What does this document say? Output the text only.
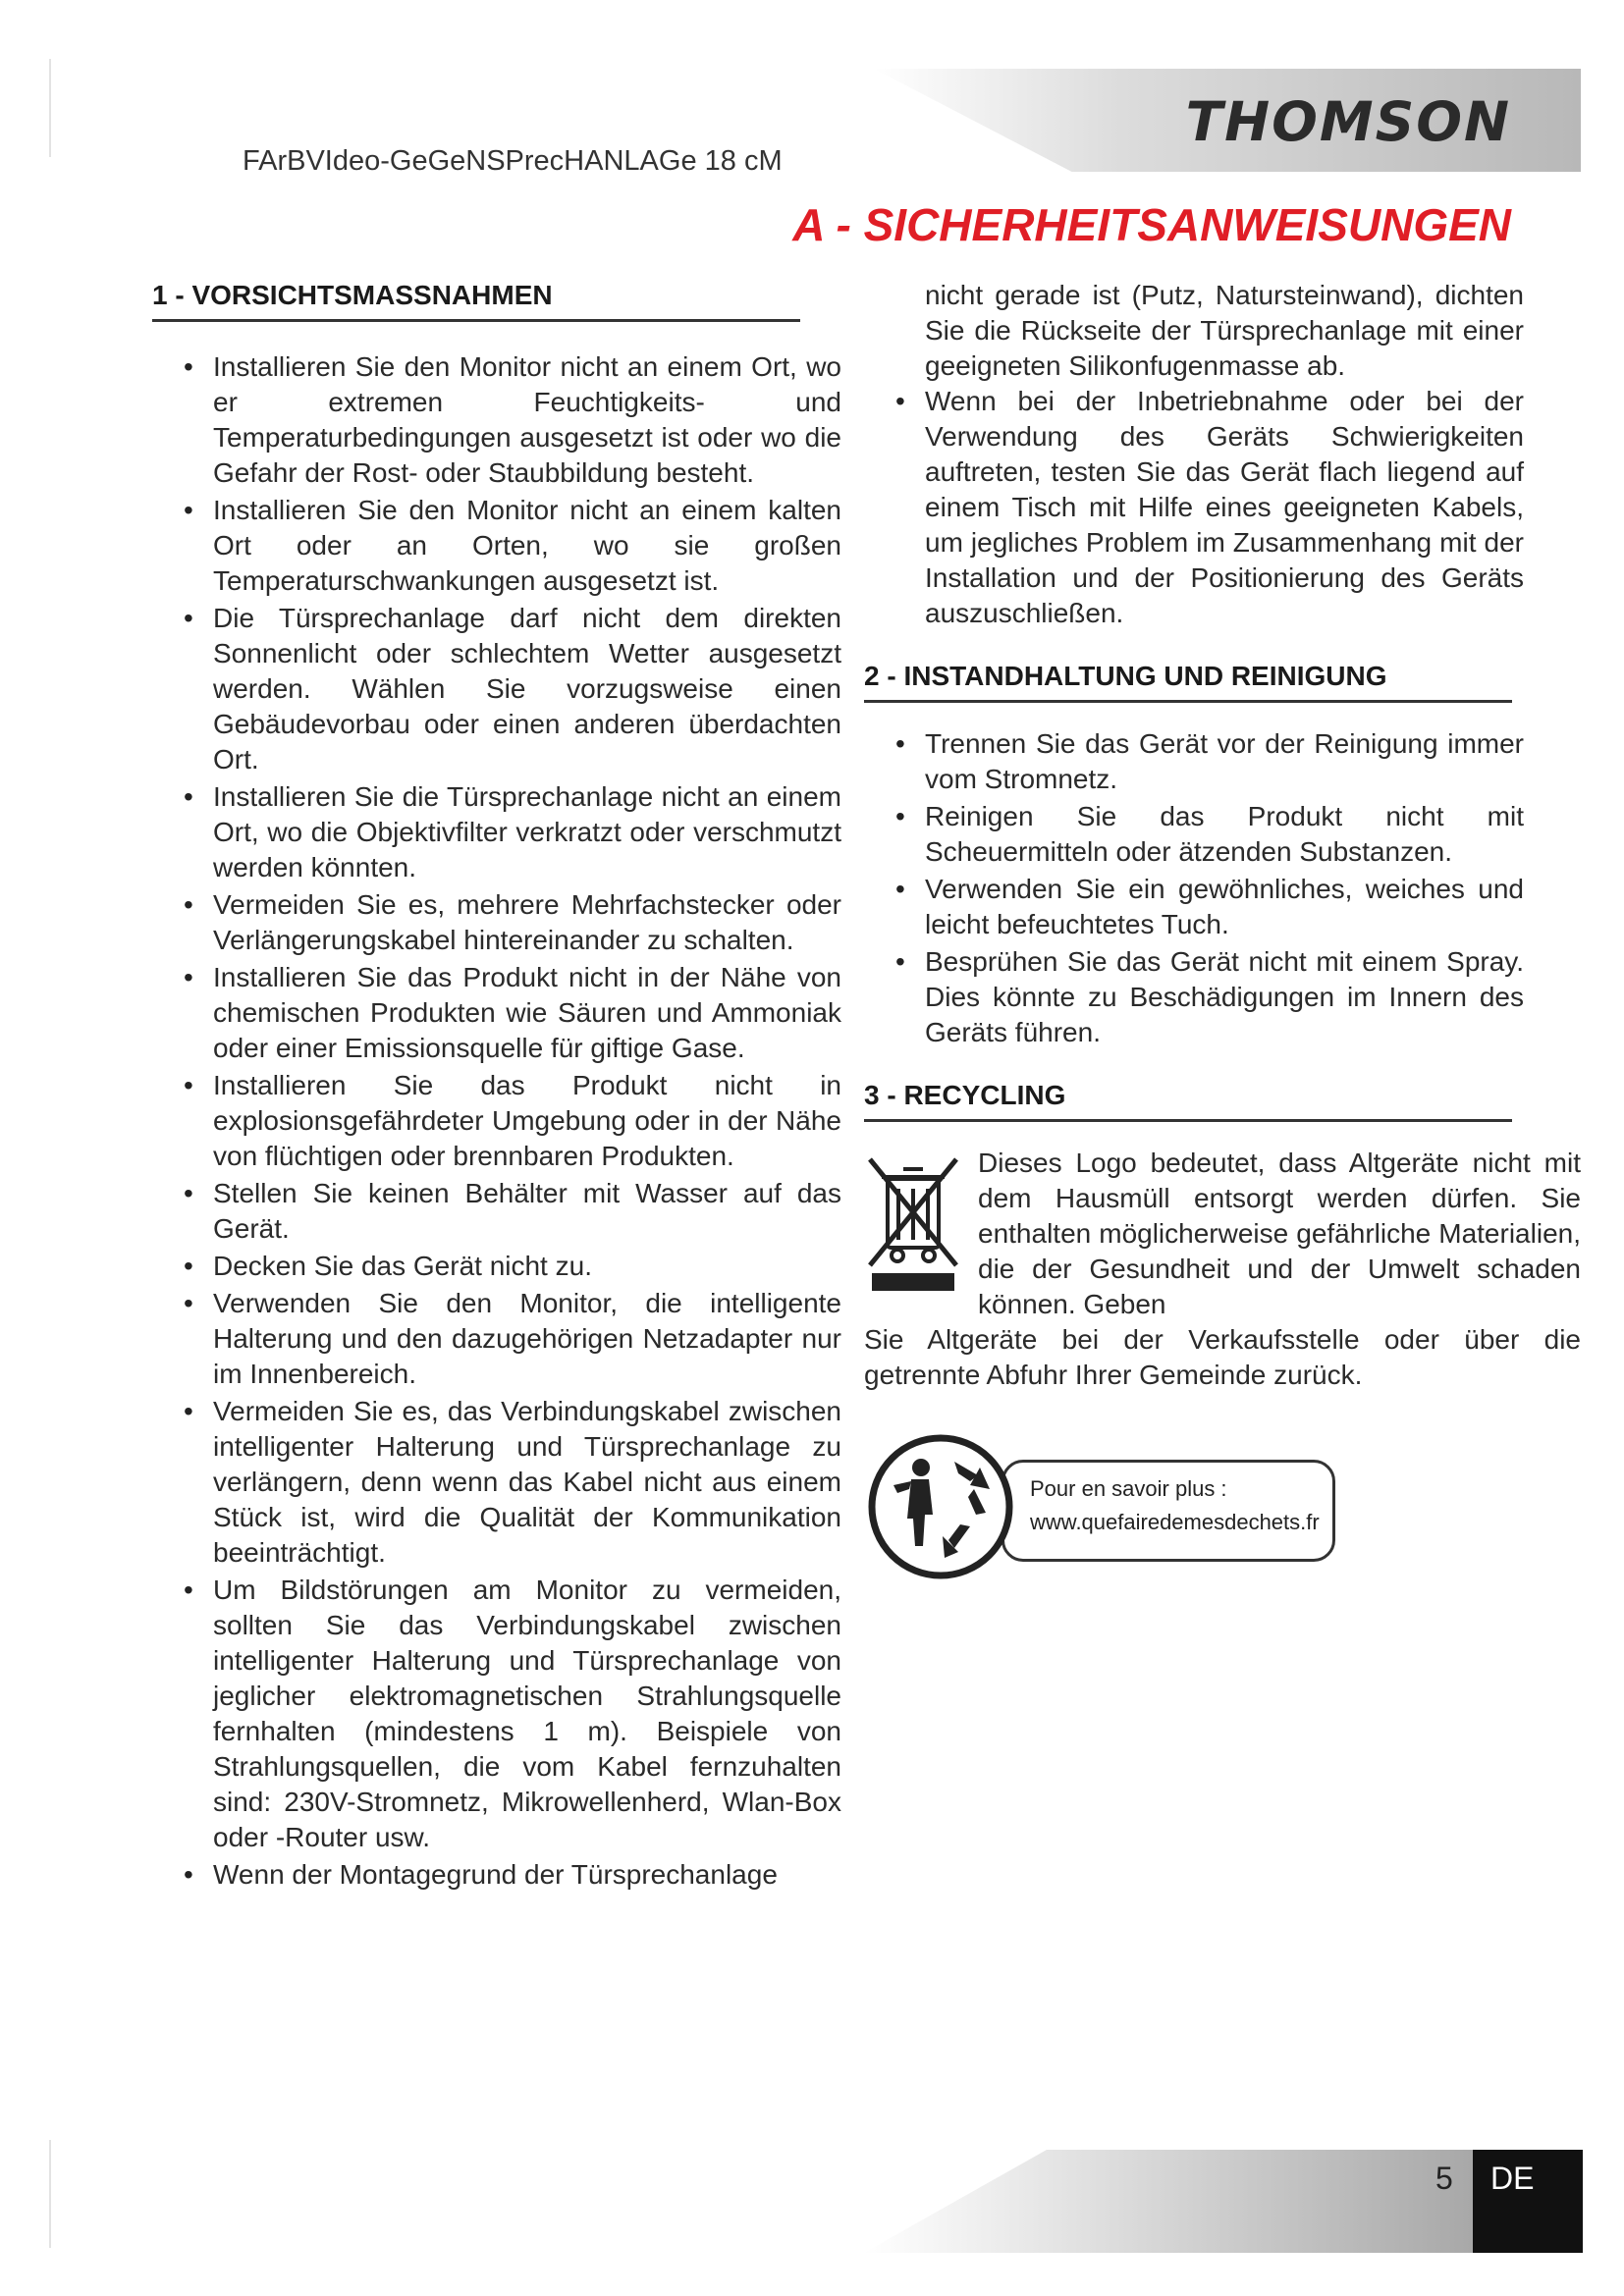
THOMSON
FArBVIdeo-GeGeNSPrecHANLAGe 18 cM
A - SICHERHEITSANWEISUNGEN
1 - VORSICHTSMASSNAHMEN
• Installieren Sie den Monitor nicht an einem Ort, wo er extremen Feuchtigkeits- und Temperaturbedingungen ausgesetzt ist oder wo die Gefahr der Rost- oder Staubbildung besteht.
• Installieren Sie den Monitor nicht an einem kalten Ort oder an Orten, wo sie großen Temperaturschwankungen ausgesetzt ist.
• Die Türsprechanlage darf nicht dem direkten Sonnenlicht oder schlechtem Wetter ausgesetzt werden. Wählen Sie vorzugsweise einen Gebäudevorbau oder einen anderen überdachten Ort.
• Installieren Sie die Türsprechanlage nicht an einem Ort, wo die Objektivfilter verkratzt oder verschmutzt werden könnten.
• Vermeiden Sie es, mehrere Mehrfachstecker oder Verlängerungskabel hintereinander zu schalten.
• Installieren Sie das Produkt nicht in der Nähe von chemischen Produkten wie Säuren und Ammoniak oder einer Emissionsquelle für giftige Gase.
• Installieren Sie das Produkt nicht in explosionsgefährdeter Umgebung oder in der Nähe von flüchtigen oder brennbaren Produkten.
• Stellen Sie keinen Behälter mit Wasser auf das Gerät.
• Decken Sie das Gerät nicht zu.
• Verwenden Sie den Monitor, die intelligente Halterung und den dazugehörigen Netzadapter nur im Innenbereich.
• Vermeiden Sie es, das Verbindungskabel zwischen intelligenter Halterung und Türsprechanlage zu verlängern, denn wenn das Kabel nicht aus einem Stück ist, wird die Qualität der Kommunikation beeinträchtigt.
• Um Bildstörungen am Monitor zu vermeiden, sollten Sie das Verbindungskabel zwischen intelligenter Halterung und Türsprechanlage von jeglicher elektromagnetischen Strahlungsquelle fernhalten (mindestens 1 m). Beispiele von Strahlungsquellen, die vom Kabel fernzuhalten sind: 230V-Stromnetz, Mikrowellenherd, Wlan-Box oder -Router usw.
• Wenn der Montagegrund der Türsprechanlage
nicht gerade ist (Putz, Natursteinwand), dichten Sie die Rückseite der Türsprechanlage mit einer geeigneten Silikonfugenmasse ab.
• Wenn bei der Inbetriebnahme oder bei der Verwendung des Geräts Schwierigkeiten auftreten, testen Sie das Gerät flach liegend auf einem Tisch mit Hilfe eines geeigneten Kabels, um jegliches Problem im Zusammenhang mit der Installation und der Positionierung des Geräts auszuschließen.
2 - INSTANDHALTUNG UND REINIGUNG
• Trennen Sie das Gerät vor der Reinigung immer vom Stromnetz.
• Reinigen Sie das Produkt nicht mit Scheuermitteln oder ätzenden Substanzen.
• Verwenden Sie ein gewöhnliches, weiches und leicht befeuchtetes Tuch.
• Besprühen Sie das Gerät nicht mit einem Spray. Dies könnte zu Beschädigungen im Innern des Geräts führen.
3 - RECYCLING
Dieses Logo bedeutet, dass Altgeräte nicht mit dem Hausmüll entsorgt werden dürfen. Sie enthalten möglicherweise gefährliche Materialien, die der Gesundheit und der Umwelt schaden können. Geben
Sie Altgeräte bei der Verkaufsstelle oder über die getrennte Abfuhr Ihrer Gemeinde zurück.
Pour en savoir plus :
www.quefairedemesdechets.fr
5	DE
